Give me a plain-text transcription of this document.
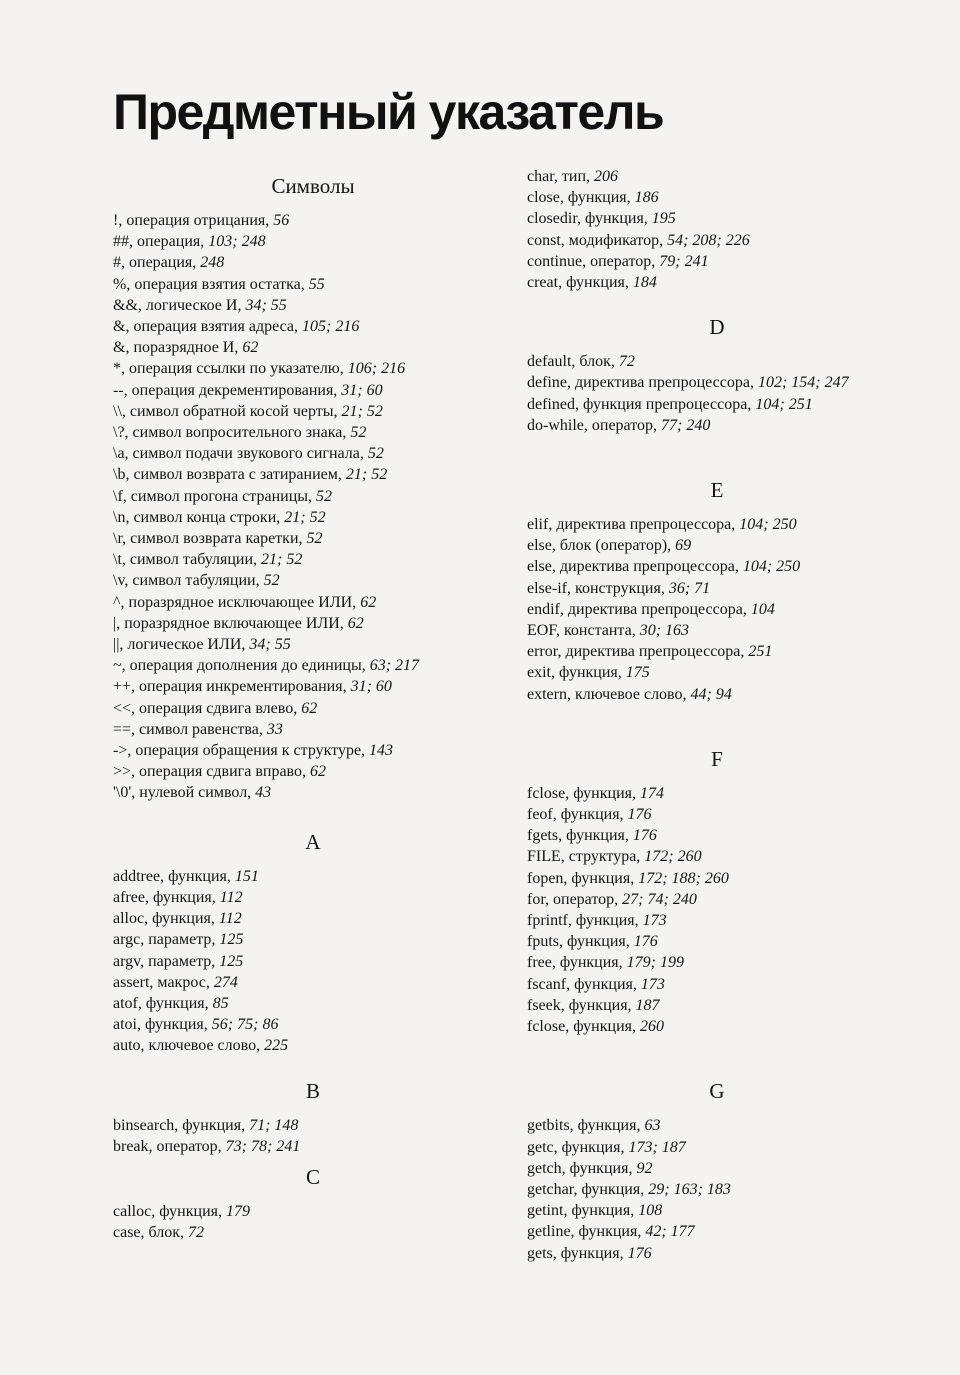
Предметный указатель
Символы
!, операция отрицания, 56
##, операция, 103; 248
#, операция, 248
%, операция взятия остатка, 55
&&, логическое И, 34; 55
&, операция взятия адреса, 105; 216
&, поразрядное И, 62
*, операция ссылки по указателю, 106; 216
--, операция декрементирования, 31; 60
\\, символ обратной косой черты, 21; 52
\?, символ вопросительного знака, 52
\a, символ подачи звукового сигнала, 52
\b, символ возврата с затиранием, 21; 52
\f, символ прогона страницы, 52
\n, символ конца строки, 21; 52
\r, символ возврата каретки, 52
\t, символ табуляции, 21; 52
\v, символ табуляции, 52
^, поразрядное исключающее ИЛИ, 62
|, поразрядное включающее ИЛИ, 62
||, логическое ИЛИ, 34; 55
~, операция дополнения до единицы, 63; 217
++, операция инкрементирования, 31; 60
<<, операция сдвига влево, 62
==, символ равенства, 33
->, операция обращения к структуре, 143
>>, операция сдвига вправо, 62
'\0', нулевой символ, 43
A
addtree, функция, 151
afree, функция, 112
alloc, функция, 112
argc, параметр, 125
argv, параметр, 125
assert, макрос, 274
atof, функция, 85
atoi, функция, 56; 75; 86
auto, ключевое слово, 225
B
binsearch, функция, 71; 148
break, оператор, 73; 78; 241
C
calloc, функция, 179
case, блок, 72
char, тип, 206
close, функция, 186
closedir, функция, 195
const, модификатор, 54; 208; 226
continue, оператор, 79; 241
creat, функция, 184
D
default, блок, 72
define, директива препроцессора, 102; 154; 247
defined, функция препроцессора, 104; 251
do-while, оператор, 77; 240
E
elif, директива препроцессора, 104; 250
else, блок (оператор), 69
else, директива препроцессора, 104; 250
else-if, конструкция, 36; 71
endif, директива препроцессора, 104
EOF, константа, 30; 163
error, директива препроцессора, 251
exit, функция, 175
extern, ключевое слово, 44; 94
F
fclose, функция, 174
feof, функция, 176
fgets, функция, 176
FILE, структура, 172; 260
fopen, функция, 172; 188; 260
for, оператор, 27; 74; 240
fprintf, функция, 173
fputs, функция, 176
free, функция, 179; 199
fscanf, функция, 173
fseek, функция, 187
fclose, функция, 260
G
getbits, функция, 63
getc, функция, 173; 187
getch, функция, 92
getchar, функция, 29; 163; 183
getint, функция, 108
getline, функция, 42; 177
gets, функция, 176
